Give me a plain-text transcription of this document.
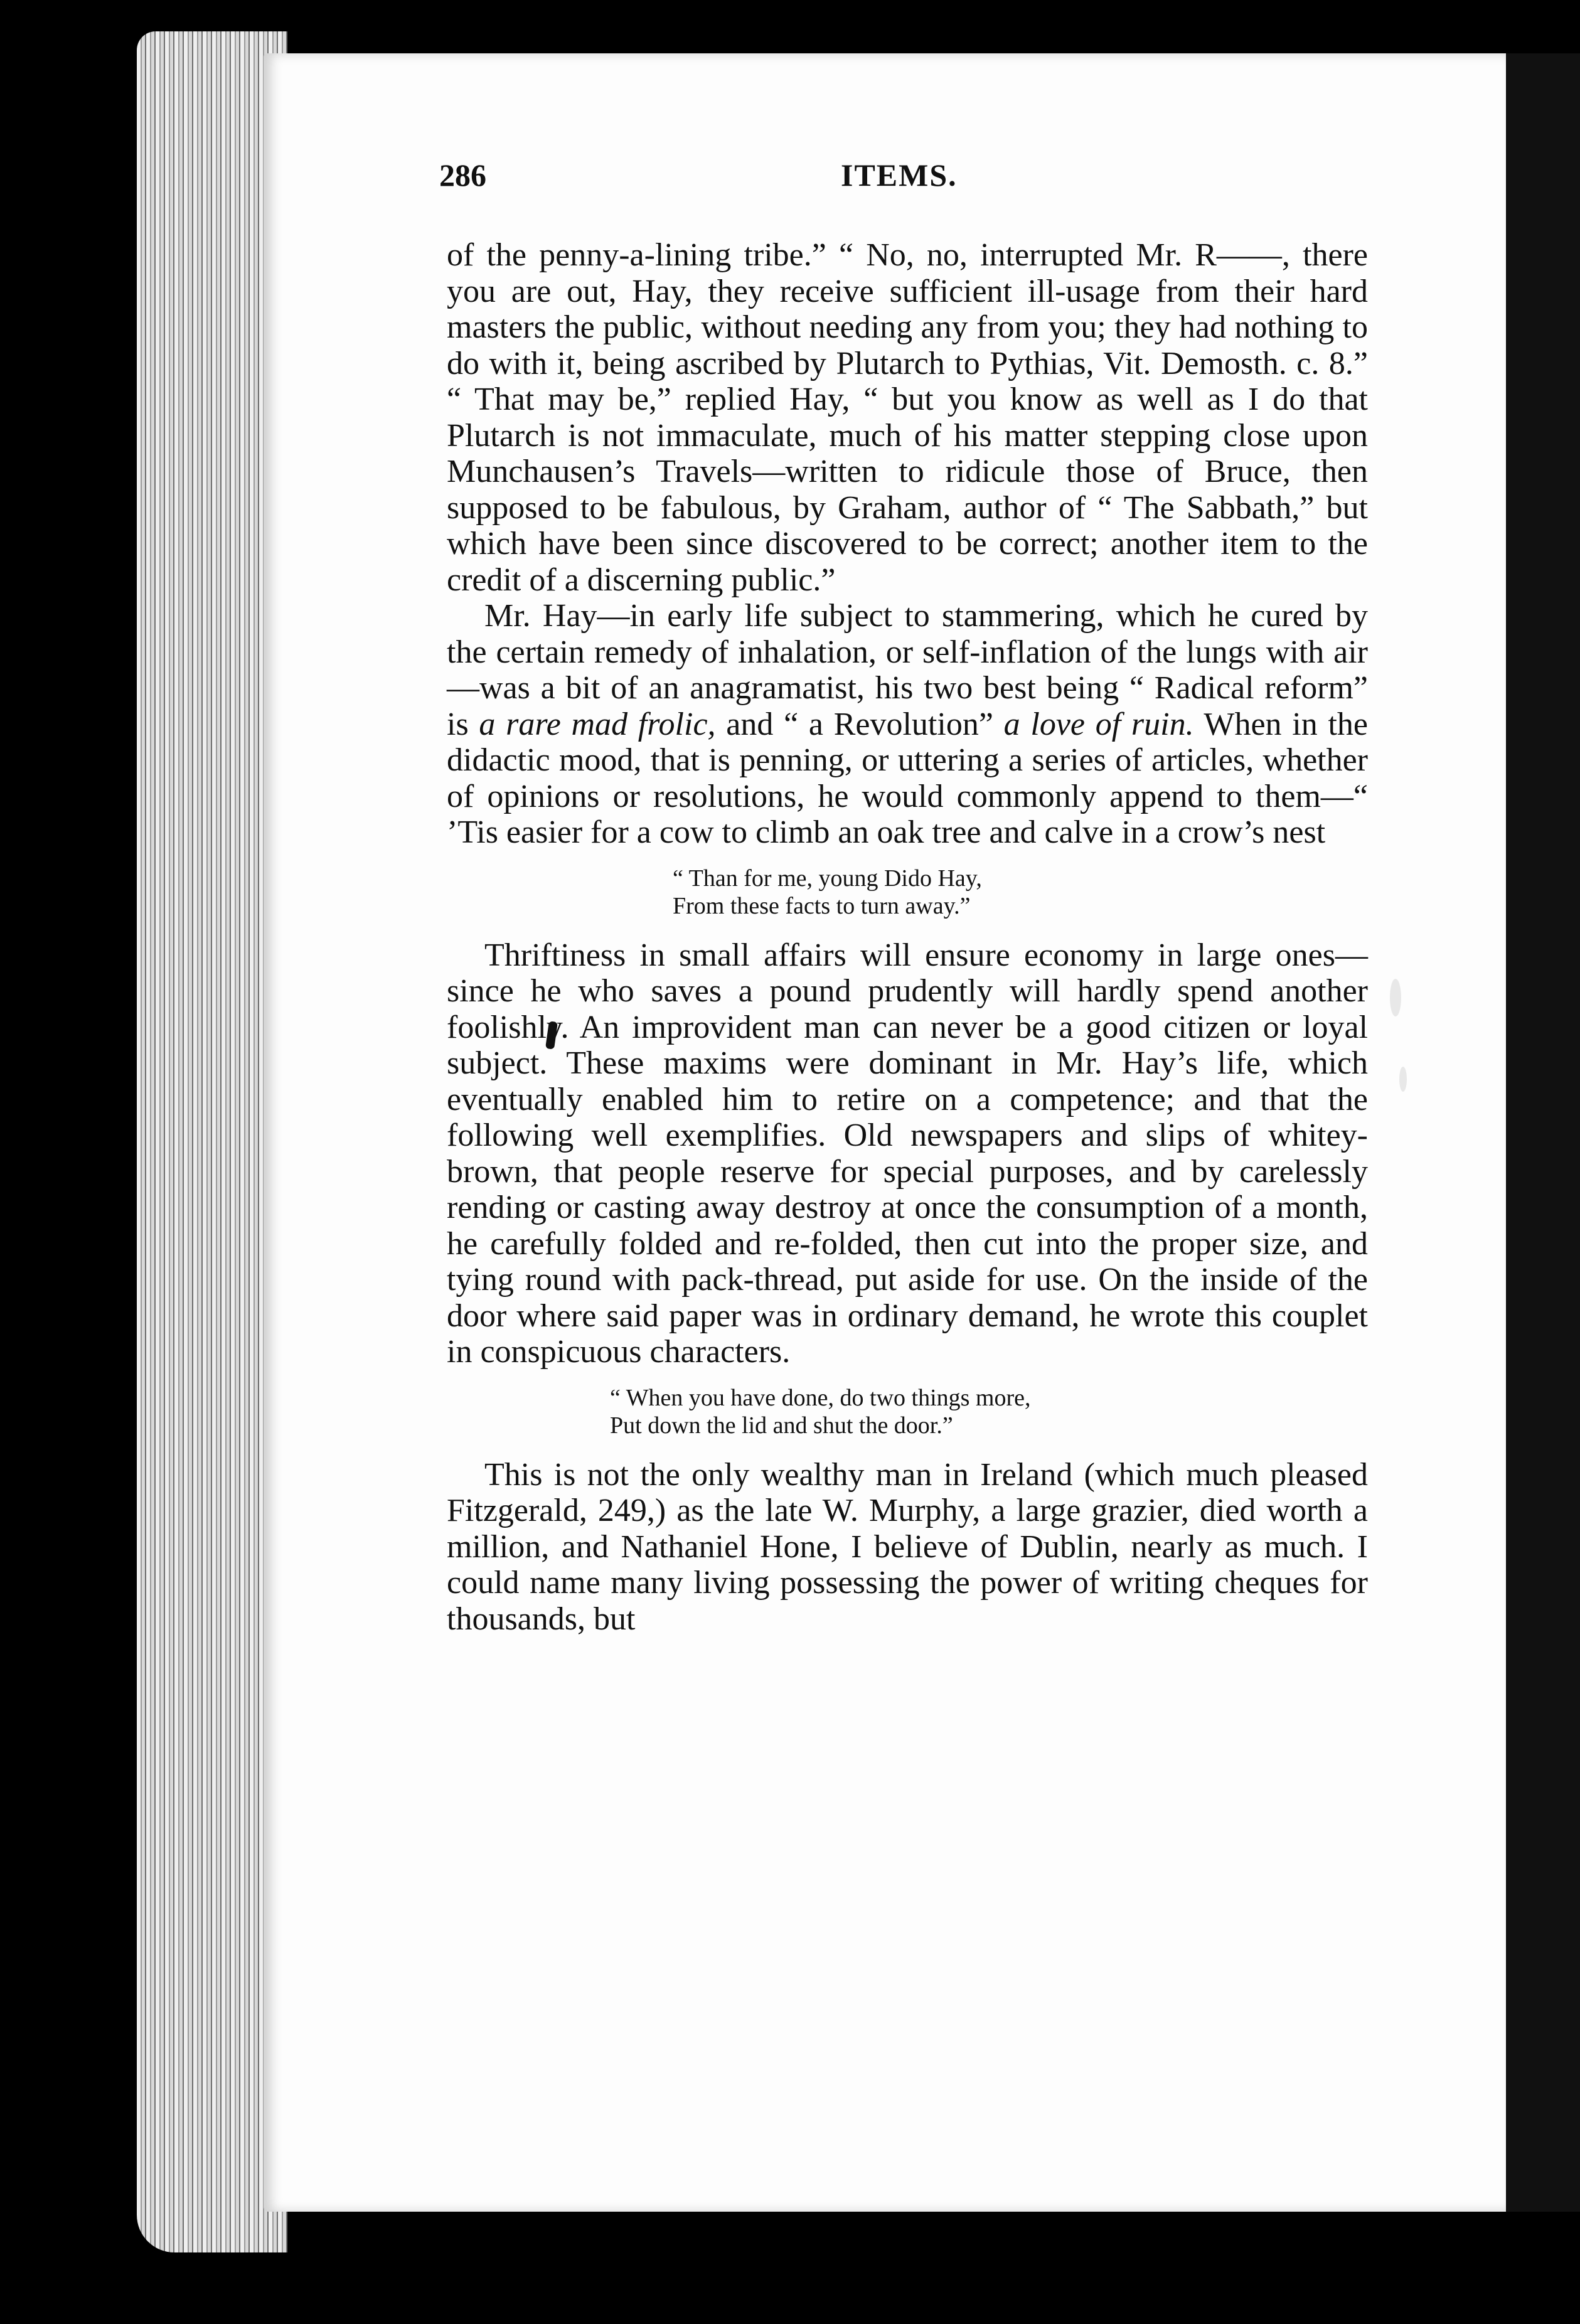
286	ITEMS.

of the penny-a-lining tribe.” “ No, no, interrupted Mr. R——, there you are out, Hay, they receive sufficient ill-usage from their hard masters the public, without needing any from you; they had nothing to do with it, being ascribed by Plutarch to Pythias, Vit. Demosth. c. 8.” “ That may be,” replied Hay, “ but you know as well as I do that Plutarch is not immaculate, much of his matter stepping close upon Munchausen’s Travels—written to ridicule those of Bruce, then supposed to be fabulous, by Graham, author of “ The Sabbath,” but which have been since discovered to be correct; another item to the credit of a discerning public.”

Mr. Hay—in early life subject to stammering, which he cured by the certain remedy of inhalation, or self-inflation of the lungs with air—was a bit of an anagramatist, his two best being “ Radical reform” is a rare mad frolic, and “ a Revolution” a love of ruin. When in the didactic mood, that is penning, or uttering a series of articles, whether of opinions or resolutions, he would commonly append to them—“ ’Tis easier for a cow to climb an oak tree and calve in a crow’s nest

“ Than for me, young Dido Hay,
From these facts to turn away.”

Thriftiness in small affairs will ensure economy in large ones—since he who saves a pound prudently will hardly spend another foolishly. An improvident man can never be a good citizen or loyal subject. These maxims were dominant in Mr. Hay’s life, which eventually enabled him to retire on a competence; and that the following well exemplifies. Old newspapers and slips of whitey-brown, that people reserve for special purposes, and by carelessly rending or casting away destroy at once the consumption of a month, he carefully folded and re-folded, then cut into the proper size, and tying round with pack-thread, put aside for use. On the inside of the door where said paper was in ordinary demand, he wrote this couplet in conspicuous characters.

“ When you have done, do two things more,
Put down the lid and shut the door.”

This is not the only wealthy man in Ireland (which much pleased Fitzgerald, 249,) as the late W. Murphy, a large grazier, died worth a million, and Nathaniel Hone, I believe of Dublin, nearly as much. I could name many living possessing the power of writing cheques for thousands, but
